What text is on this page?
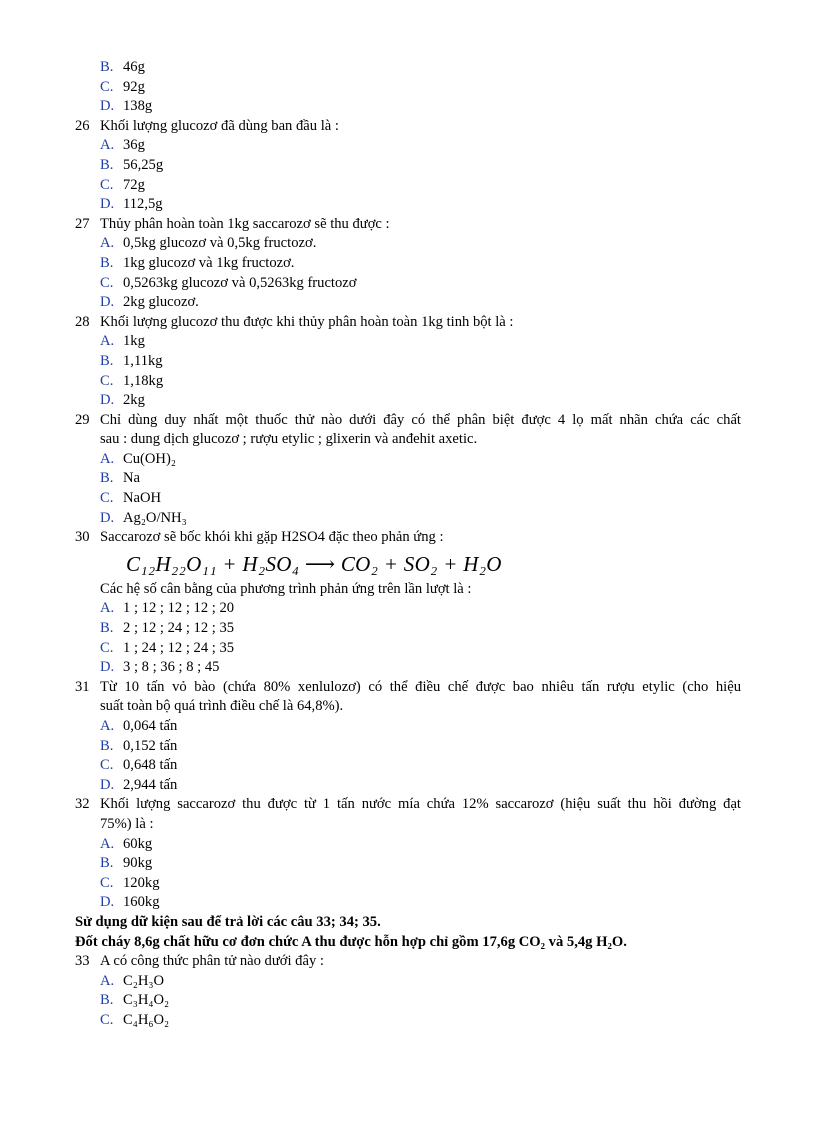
B. 46g
C. 92g
D. 138g
26 Khối lượng glucozơ đã dùng ban đầu là :
A. 36g
B. 56,25g
C. 72g
D. 112,5g
27 Thủy phân hoàn toàn 1kg saccarozơ sẽ thu được :
A. 0,5kg glucozơ và 0,5kg fructozơ.
B. 1kg glucozơ và 1kg fructozơ.
C. 0,5263kg glucozơ và 0,5263kg fructozơ
D. 2kg glucozơ.
28 Khối lượng glucozơ thu được khi thủy phân hoàn toàn 1kg tinh bột là :
A. 1kg
B. 1,11kg
C. 1,18kg
D. 2kg
29 Chỉ dùng duy nhất một thuốc thử nào dưới đây có thể phân biệt được 4 lọ mất nhãn chứa các chất
sau : dung dịch glucozơ ; rượu etylic ; glixerin và anđehit axetic.
A. Cu(OH)₂
B. Na
C. NaOH
D. Ag₂O/NH₃
30 Saccarozơ sẽ bốc khói khi gặp H2SO4 đặc theo phản ứng :
C₁₂H₂₂O₁₁ + H₂SO₄ ⟶ CO₂ + SO₂ + H₂O
Các hệ số cân bằng của phương trình phản ứng trên lần lượt là :
A. 1 ; 12 ; 12 ; 12 ; 20
B. 2 ; 12 ; 24 ; 12 ; 35
C. 1 ; 24 ; 12 ; 24 ; 35
D. 3 ; 8 ; 36 ; 8 ; 45
31 Từ 10 tấn vỏ bào (chứa 80% xenlulozơ) có thể điều chế được bao nhiêu tấn rượu etylic (cho hiệu
suất toàn bộ quá trình điều chế là 64,8%).
A. 0,064 tấn
B. 0,152 tấn
C. 0,648 tấn
D. 2,944 tấn
32 Khối lượng saccarozơ thu được từ 1 tấn nước mía chứa 12% saccarozơ (hiệu suất thu hồi đường đạt
75%) là :
A. 60kg
B. 90kg
C. 120kg
D. 160kg
Sử dụng dữ kiện sau để trả lời các câu 33; 34; 35.
Đốt cháy 8,6g chất hữu cơ đơn chức A thu được hỗn hợp chỉ gồm 17,6g CO₂ và 5,4g H₂O.
33 A có công thức phân tử nào dưới đây :
A. C₂H₃O
B. C₃H₄O₂
C. C₄H₆O₂
